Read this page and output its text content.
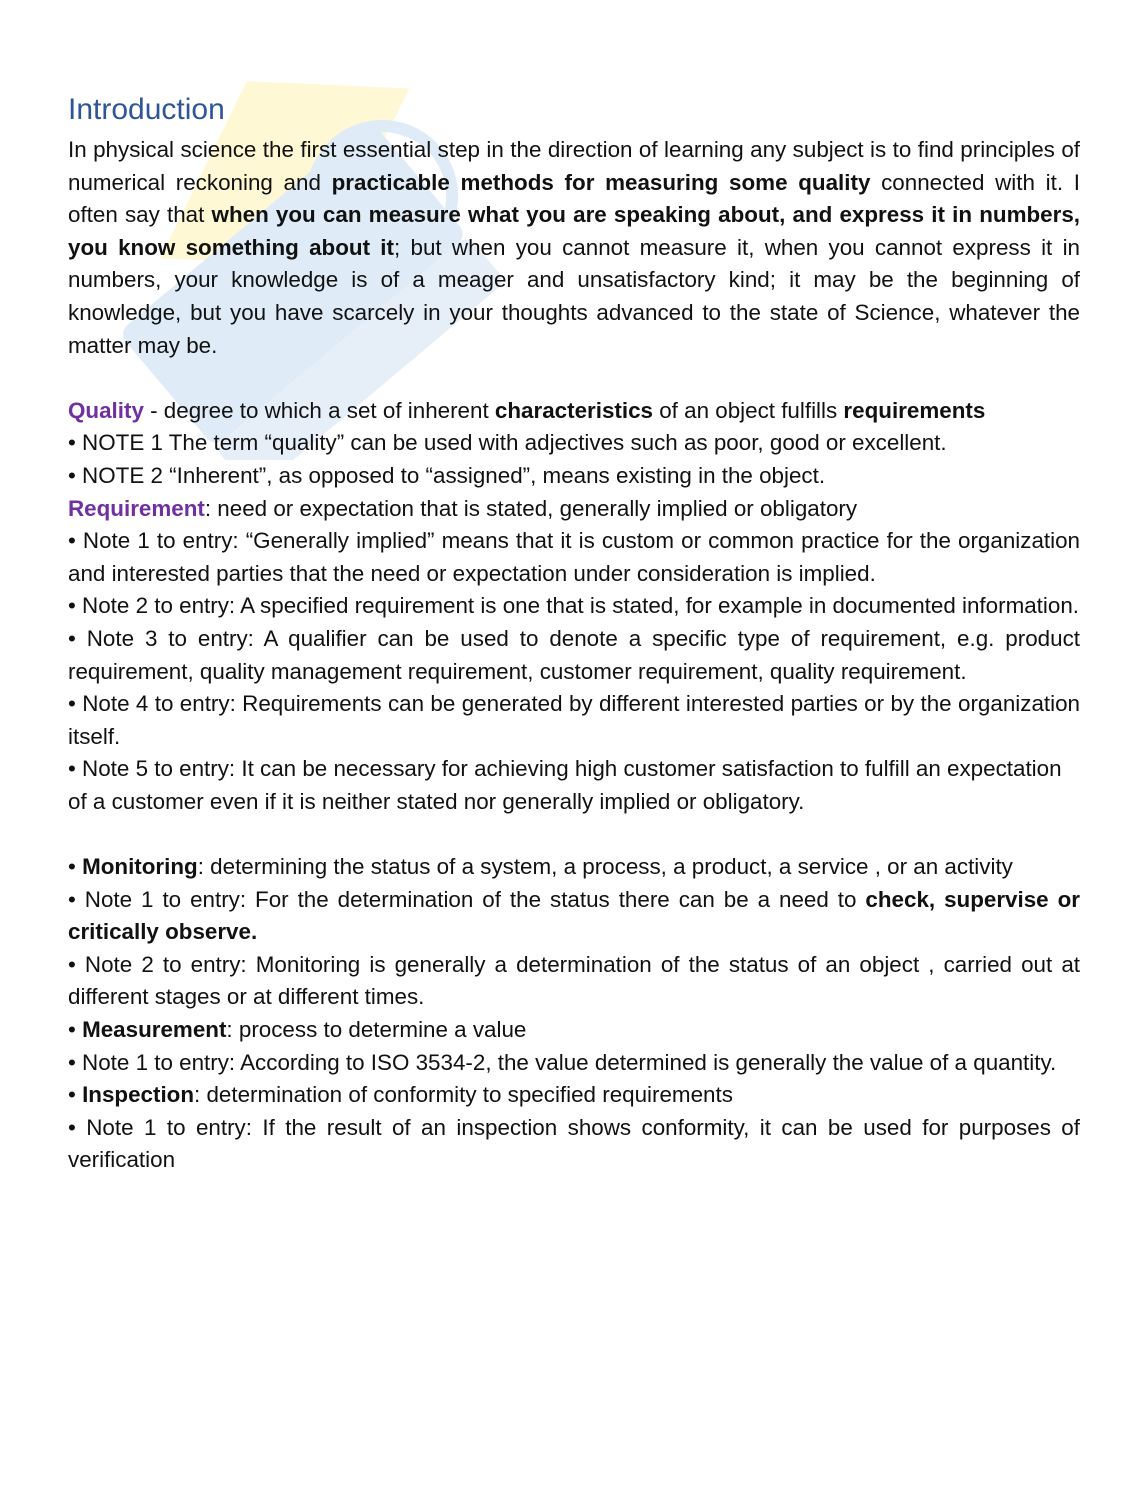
Introduction

In physical science the first essential step in the direction of learning any subject is to find principles of numerical reckoning and practicable methods for measuring some quality connected with it. I often say that when you can measure what you are speaking about, and express it in numbers, you know something about it; but when you cannot measure it, when you cannot express it in numbers, your knowledge is of a meager and unsatisfactory kind; it may be the beginning of knowledge, but you have scarcely in your thoughts advanced to the state of Science, whatever the matter may be.

Quality - degree to which a set of inherent characteristics of an object fulfills requirements

• NOTE 1 The term “quality” can be used with adjectives such as poor, good or excellent.

• NOTE 2 “Inherent”, as opposed to “assigned”, means existing in the object.

Requirement: need or expectation that is stated, generally implied or obligatory

• Note 1 to entry: “Generally implied” means that it is custom or common practice for the organization and interested parties that the need or expectation under consideration is implied.

• Note 2 to entry: A specified requirement is one that is stated, for example in documented information.

• Note 3 to entry: A qualifier can be used to denote a specific type of requirement, e.g. product requirement, quality management requirement, customer requirement, quality requirement.

• Note 4 to entry: Requirements can be generated by different interested parties or by the organization itself.

• Note 5 to entry: It can be necessary for achieving high customer satisfaction to fulfill an expectation of a customer even if it is neither stated nor generally implied or obligatory.

• Monitoring: determining the status of a system, a process, a product, a service , or an activity

• Note 1 to entry: For the determination of the status there can be a need to check, supervise or critically observe.

• Note 2 to entry: Monitoring is generally a determination of the status of an object , carried out at different stages or at different times.

• Measurement: process to determine a value

• Note 1 to entry: According to ISO 3534-2, the value determined is generally the value of a quantity.

• Inspection: determination of conformity to specified requirements

• Note 1 to entry: If the result of an inspection shows conformity, it can be used for purposes of verification
